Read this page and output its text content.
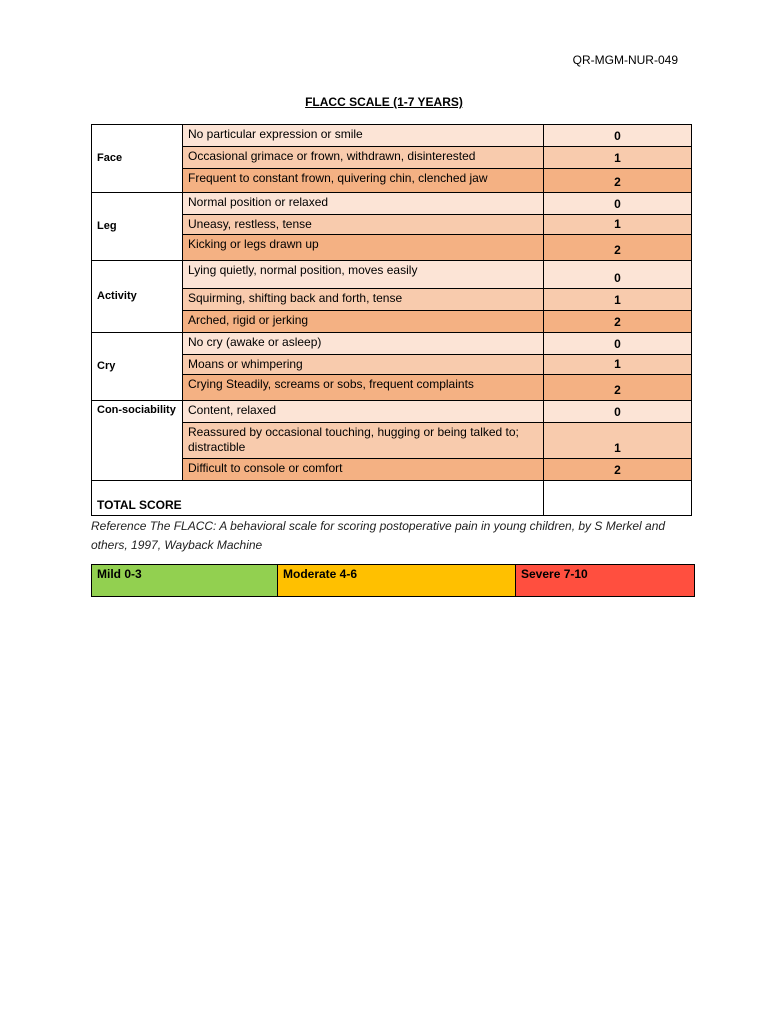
QR-MGM-NUR-049
FLACC SCALE (1-7 YEARS)
Face	No particular expression or smile	0
	Occasional grimace or frown, withdrawn, disinterested	1
	Frequent to constant frown, quivering chin, clenched jaw	2
Leg	Normal position or relaxed	0
	Uneasy, restless, tense	1
	Kicking or legs drawn up	2
Activity	Lying quietly, normal position, moves easily	0
	Squirming, shifting back and forth, tense	1
	Arched, rigid or jerking	2
Cry	No cry (awake or asleep)	0
	Moans or whimpering	1
	Crying Steadily, screams or sobs, frequent complaints	2
Con-sociability	Content, relaxed	0
	Reassured by occasional touching, hugging or being talked to; distractible	1
	Difficult to console or comfort	2
TOTAL SCORE		
Reference The FLACC: A behavioral scale for scoring postoperative pain in young children, by S Merkel and others, 1997, Wayback Machine
Mild 0-3	Moderate 4-6	Severe 7-10
